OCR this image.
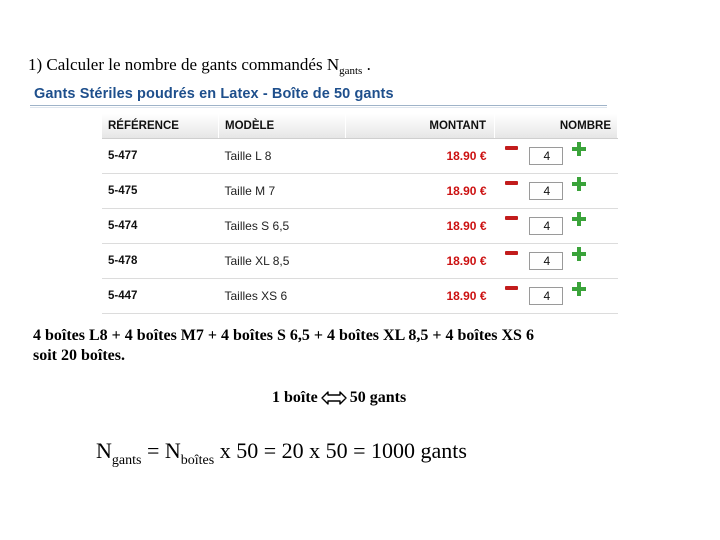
1) Calculer le nombre de gants commandés $N_{gants}$ .
Gants Stériles poudrés en Latex - Boîte de 50 gants
RÉFÉRENCE	MODÈLE	MONTANT	NOMBRE
5-477	Taille L 8	18.90 €	4

5-475	Taille M 7	18.90 €	4

5-474	Tailles S 6,5	18.90 €	4

5-478	Taille XL 8,5	18.90 €	4

5-447	Tailles XS 6	18.90 €	4
4 boîtes L8 + 4 boîtes M7 + 4 boîtes S 6,5 + 4 boîtes XL 8,5 + 4 boîtes XS 6
soit 20 boîtes.
1 boîte 50 gants
$N_{gants} = N_{boîtes}$ x 50 = 20 x 50 = 1000 gants
